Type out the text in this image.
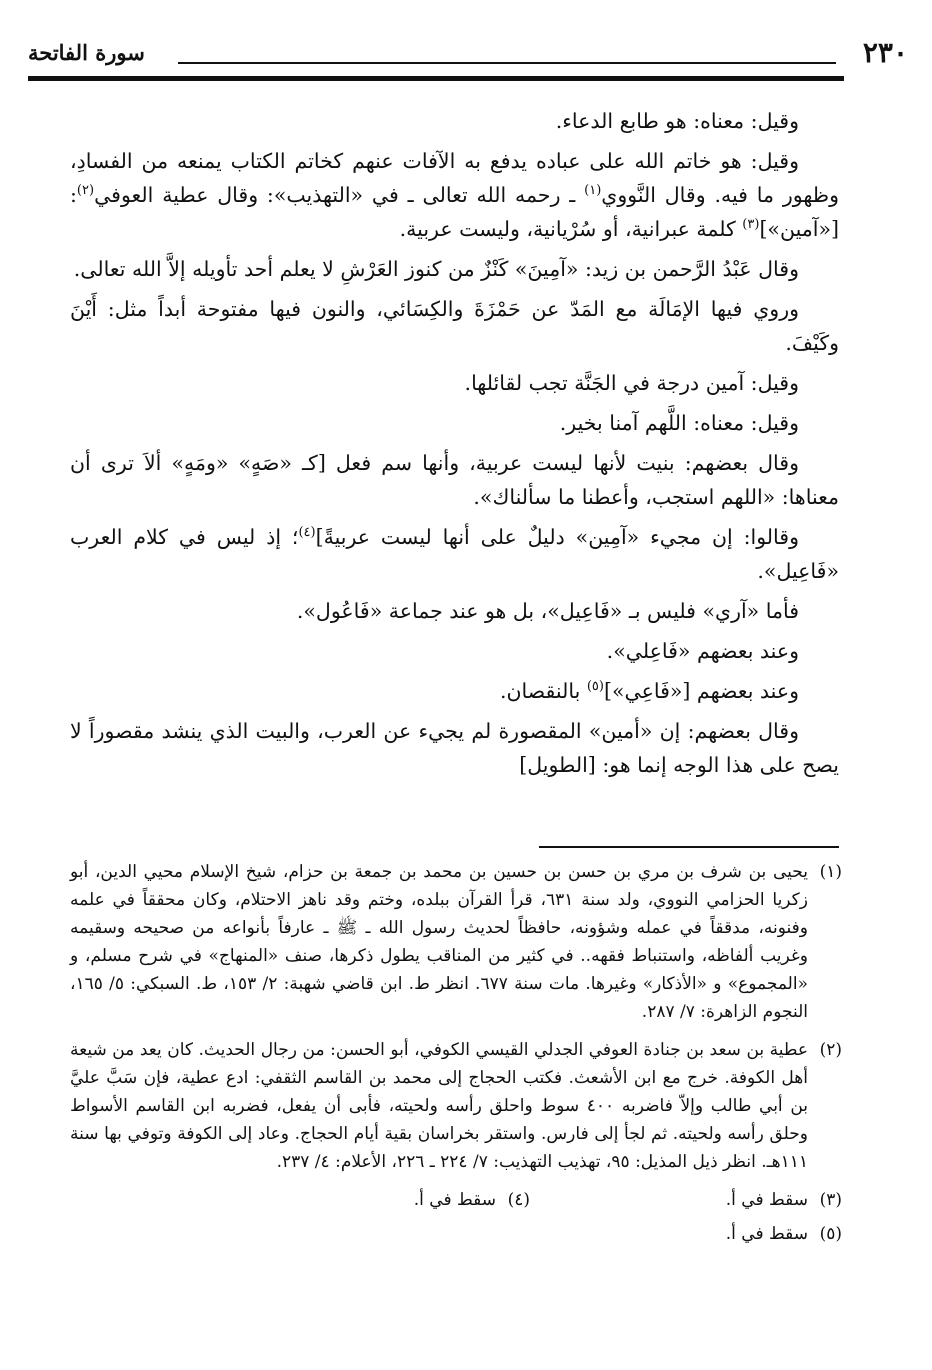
٢٣٠
سورة الفاتحة

وقيل: معناه: هو طابع الدعاء.

وقيل: هو خاتم الله على عباده يدفع به الآفات عنهم كخاتم الكتاب يمنعه من الفسادِ، وظهور ما فيه. وقال النَّووي$^{(١)}$ ـ رحمه الله تعالى ـ في «التهذيب»: وقال عطية العوفي$^{(٢)}$: [«آمين»]$^{(٣)}$ كلمة عبرانية، أو سُرْيانية، وليست عربية.

وقال عَبْدُ الرَّحمن بن زيد: «آمِينَ» كَنْزٌ من كنوز العَرْشِ لا يعلم أحد تأويله إلاَّ الله تعالى.

وروي فيها الإمَالَة مع المَدّ عن حَمْزَةَ والكِسَائي، والنون فيها مفتوحة أبداً مثل: أَيْنَ وكَيْفَ.

وقيل: آمين درجة في الجَنَّة تجب لقائلها.

وقيل: معناه: اللَّهم آمنا بخير.

وقال بعضهم: بنيت لأنها ليست عربية، وأنها سم فعل [كـ «صَهٍ» «ومَهٍ» ألاَ ترى أن معناها: «اللهم استجب، وأعطنا ما سألناك».

وقالوا: إن مجيء «آمِين» دليلٌ على أنها ليست عربيةً]$^{(٤)}$؛ إذ ليس في كلام العرب «فَاعِيل».

فأما «آري» فليس بـ «فَاعِيل»، بل هو عند جماعة «فَاعُول».

وعند بعضهم «فَاعِلي».

وعند بعضهم [«فَاعِي»]$^{(٥)}$ بالنقصان.

وقال بعضهم: إن «أمين» المقصورة لم يجيء عن العرب، والبيت الذي ينشد مقصوراً لا يصح على هذا الوجه إنما هو: [الطويل]

(١)
يحيى بن شرف بن مري بن حسن بن حسين بن محمد بن جمعة بن حزام، شيخ الإسلام محيي الدين، أبو زكريا الحزامي النووي، ولد سنة ٦٣١، قرأ القرآن ببلده، وختم وقد ناهز الاحتلام، وكان محققاً في علمه وفنونه، مدققاً في عمله وشؤونه، حافظاً لحديث رسول الله ـ ﷺ ـ عارفاً بأنواعه من صحيحه وسقيمه وغريب ألفاظه، واستنباط فقهه.. في كثير من المناقب يطول ذكرها، صنف «المنهاج» في شرح مسلم، و «المجموع» و «الأذكار» وغيرها. مات سنة ٦٧٧. انظر ط. ابن قاضي شهبة: ٢/ ١٥٣، ط. السبكي: ٥/ ١٦٥، النجوم الزاهرة: ٧/ ٢٨٧.
(٢)
عطية بن سعد بن جنادة العوفي الجدلي القيسي الكوفي، أبو الحسن: من رجال الحديث. كان يعد من شيعة أهل الكوفة. خرج مع ابن الأشعث. فكتب الحجاج إلى محمد بن القاسم الثقفي: ادع عطية، فإن سَبَّ عليَّ بن أبي طالب وإلاّ فاضربه ٤٠٠ سوط واحلق رأسه ولحيته، فأبى أن يفعل، فضربه ابن القاسم الأسواط وحلق رأسه ولحيته. ثم لجأ إلى فارس. واستقر بخراسان بقية أيام الحجاج. وعاد إلى الكوفة وتوفي بها سنة ١١١هـ. انظر ذيل المذيل: ٩٥، تهذيب التهذيب: ٧/ ٢٢٤ ـ ٢٢٦، الأعلام: ٤/ ٢٣٧.
(٣)
سقط في أ.
(٤)
سقط في أ.
(٥)
سقط في أ.
